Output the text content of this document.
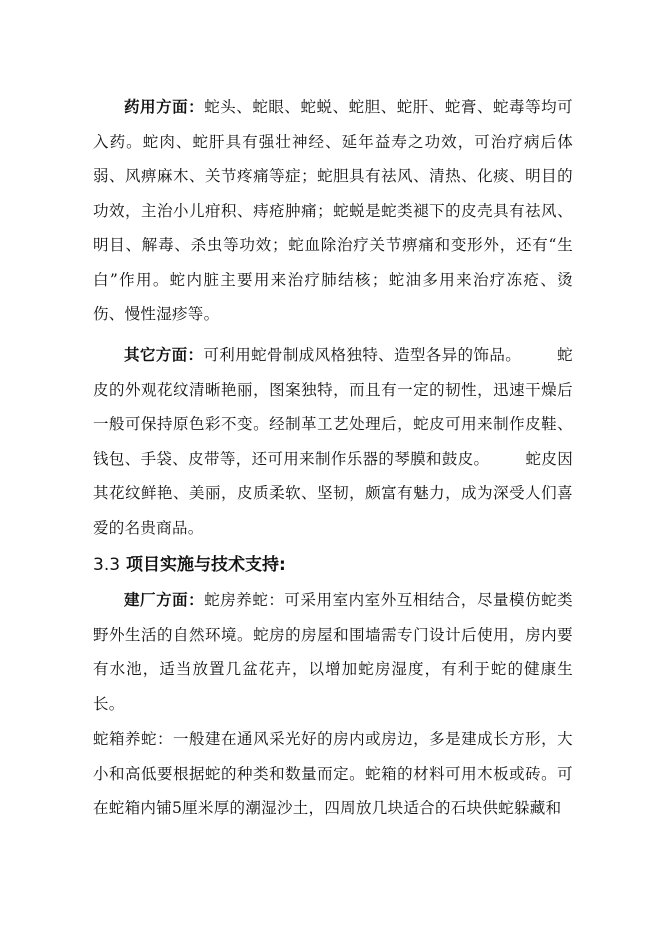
药用方面：蛇头、蛇眼、蛇蜕、蛇胆、蛇肝、蛇膏、蛇毒等均可入药。蛇肉、蛇肝具有强壮神经、延年益寿之功效，可治疗病后体弱、风痹麻木、关节疼痛等症；蛇胆具有祛风、清热、化痰、明目的功效，主治小儿疳积、痔疮肿痛；蛇蜕是蛇类褪下的皮壳具有祛风、明目、解毒、杀虫等功效；蛇血除治疗关节痹痛和变形外，还有“生白”作用。蛇内脏主要用来治疗肺结核；蛇油多用来治疗冻疮、烫伤、慢性湿疹等。

其它方面：可利用蛇骨制成风格独特、造型各异的饰品。 蛇皮的外观花纹清晰艳丽，图案独特，而且有一定的韧性，迅速干燥后一般可保持原色彩不变。经制革工艺处理后，蛇皮可用来制作皮鞋、钱包、手袋、皮带等，还可用来制作乐器的琴膜和鼓皮。 蛇皮因其花纹鲜艳、美丽，皮质柔软、坚韧，颇富有魅力，成为深受人们喜爱的名贵商品。

3.3 项目实施与技术支持:

建厂方面：蛇房养蛇：可采用室内室外互相结合，尽量模仿蛇类野外生活的自然环境。蛇房的房屋和围墙需专门设计后使用，房内要有水池，适当放置几盆花卉，以增加蛇房湿度，有利于蛇的健康生长。

蛇箱养蛇：一般建在通风采光好的房内或房边，多是建成长方形，大小和高低要根据蛇的种类和数量而定。蛇箱的材料可用木板或砖。可在蛇箱内铺5厘米厚的潮湿沙土，四周放几块适合的石块供蛇躲藏和
